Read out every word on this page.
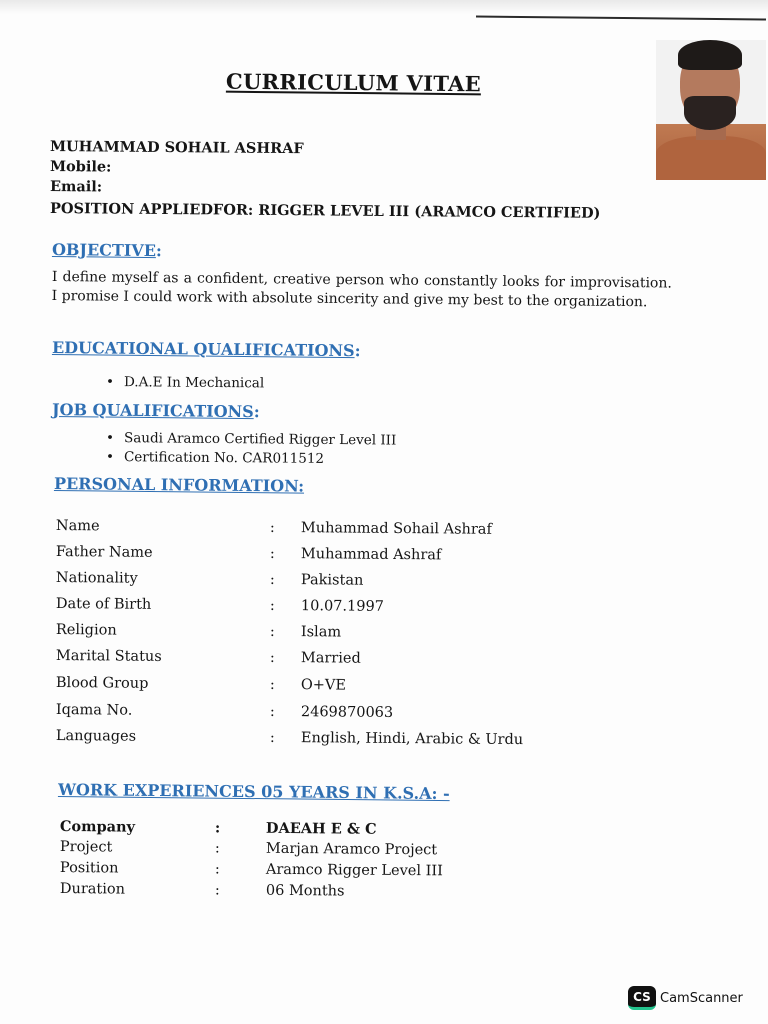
CURRICULUM VITAE
MUHAMMAD SOHAIL ASHRAF
Mobile:
Email:
POSITION APPLIEDFOR: RIGGER LEVEL III (ARAMCO CERTIFIED)
OBJECTIVE:
I define myself as a confident, creative person who constantly looks for improvisation. I promise I could work with absolute sincerity and give my best to the organization.
EDUCATIONAL QUALIFICATIONS:
• D.A.E In Mechanical
JOB QUALIFICATIONS:
• Saudi Aramco Certified Rigger Level III
• Certification No. CAR011512
PERSONAL INFORMATION:
Name	: Muhammad Sohail Ashraf
Father Name	: Muhammad Ashraf
Nationality	: Pakistan
Date of Birth	: 10.07.1997
Religion	: Islam
Marital Status	: Married
Blood Group	: O+VE
Iqama No.	: 2469870063
Languages	: English, Hindi, Arabic & Urdu
WORK EXPERIENCES 05 YEARS IN K.S.A: -
Company	:	DAEAH E & C
Project	:	Marjan Aramco Project
Position	:	Aramco Rigger Level III
Duration	:	06 Months
CS CamScanner
